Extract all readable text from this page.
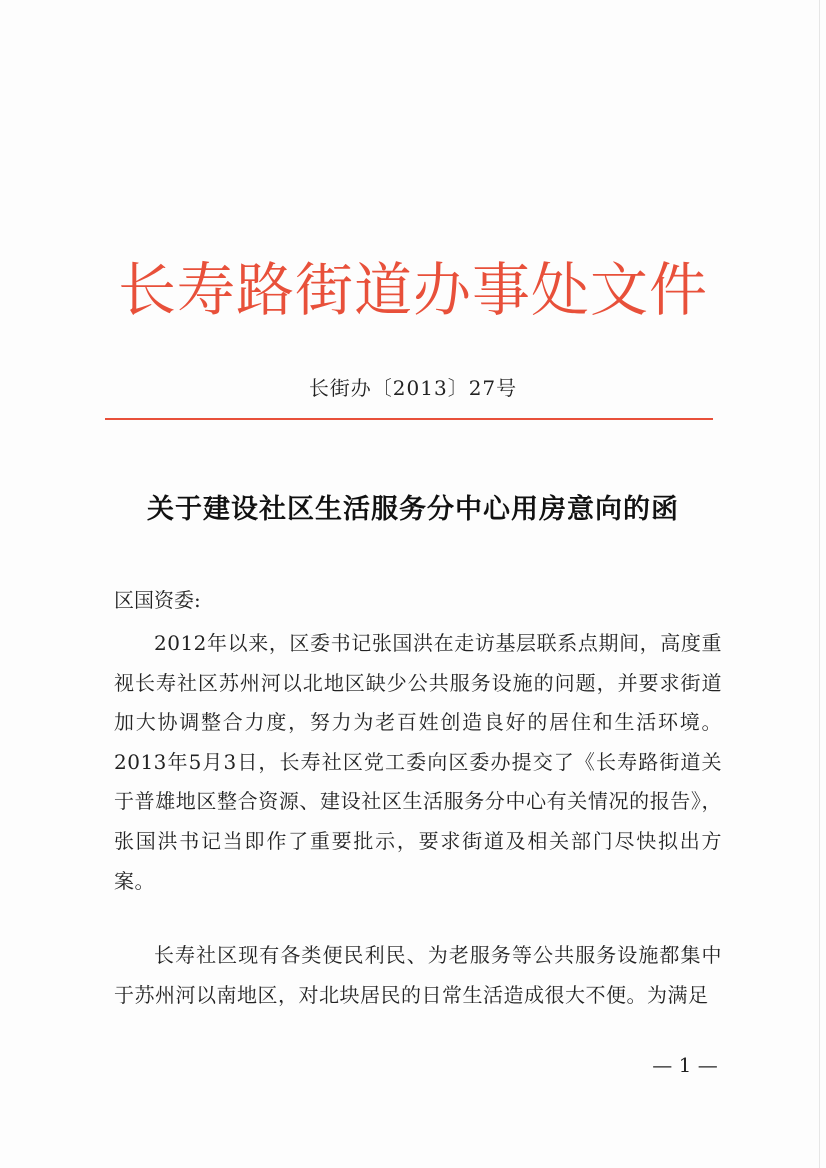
长寿路街道办事处文件
长街办〔2013〕27号
关于建设社区生活服务分中心用房意向的函
区国资委:
2012年以来，区委书记张国洪在走访基层联系点期间，高度重视长寿社区苏州河以北地区缺少公共服务设施的问题，并要求街道加大协调整合力度，努力为老百姓创造良好的居住和生活环境。2013年5月3日，长寿社区党工委向区委办提交了《长寿路街道关于普雄地区整合资源、建设社区生活服务分中心有关情况的报告》，张国洪书记当即作了重要批示，要求街道及相关部门尽快拟出方案。
长寿社区现有各类便民利民、为老服务等公共服务设施都集中于苏州河以南地区，对北块居民的日常生活造成很大不便。为满足
— 1 —
